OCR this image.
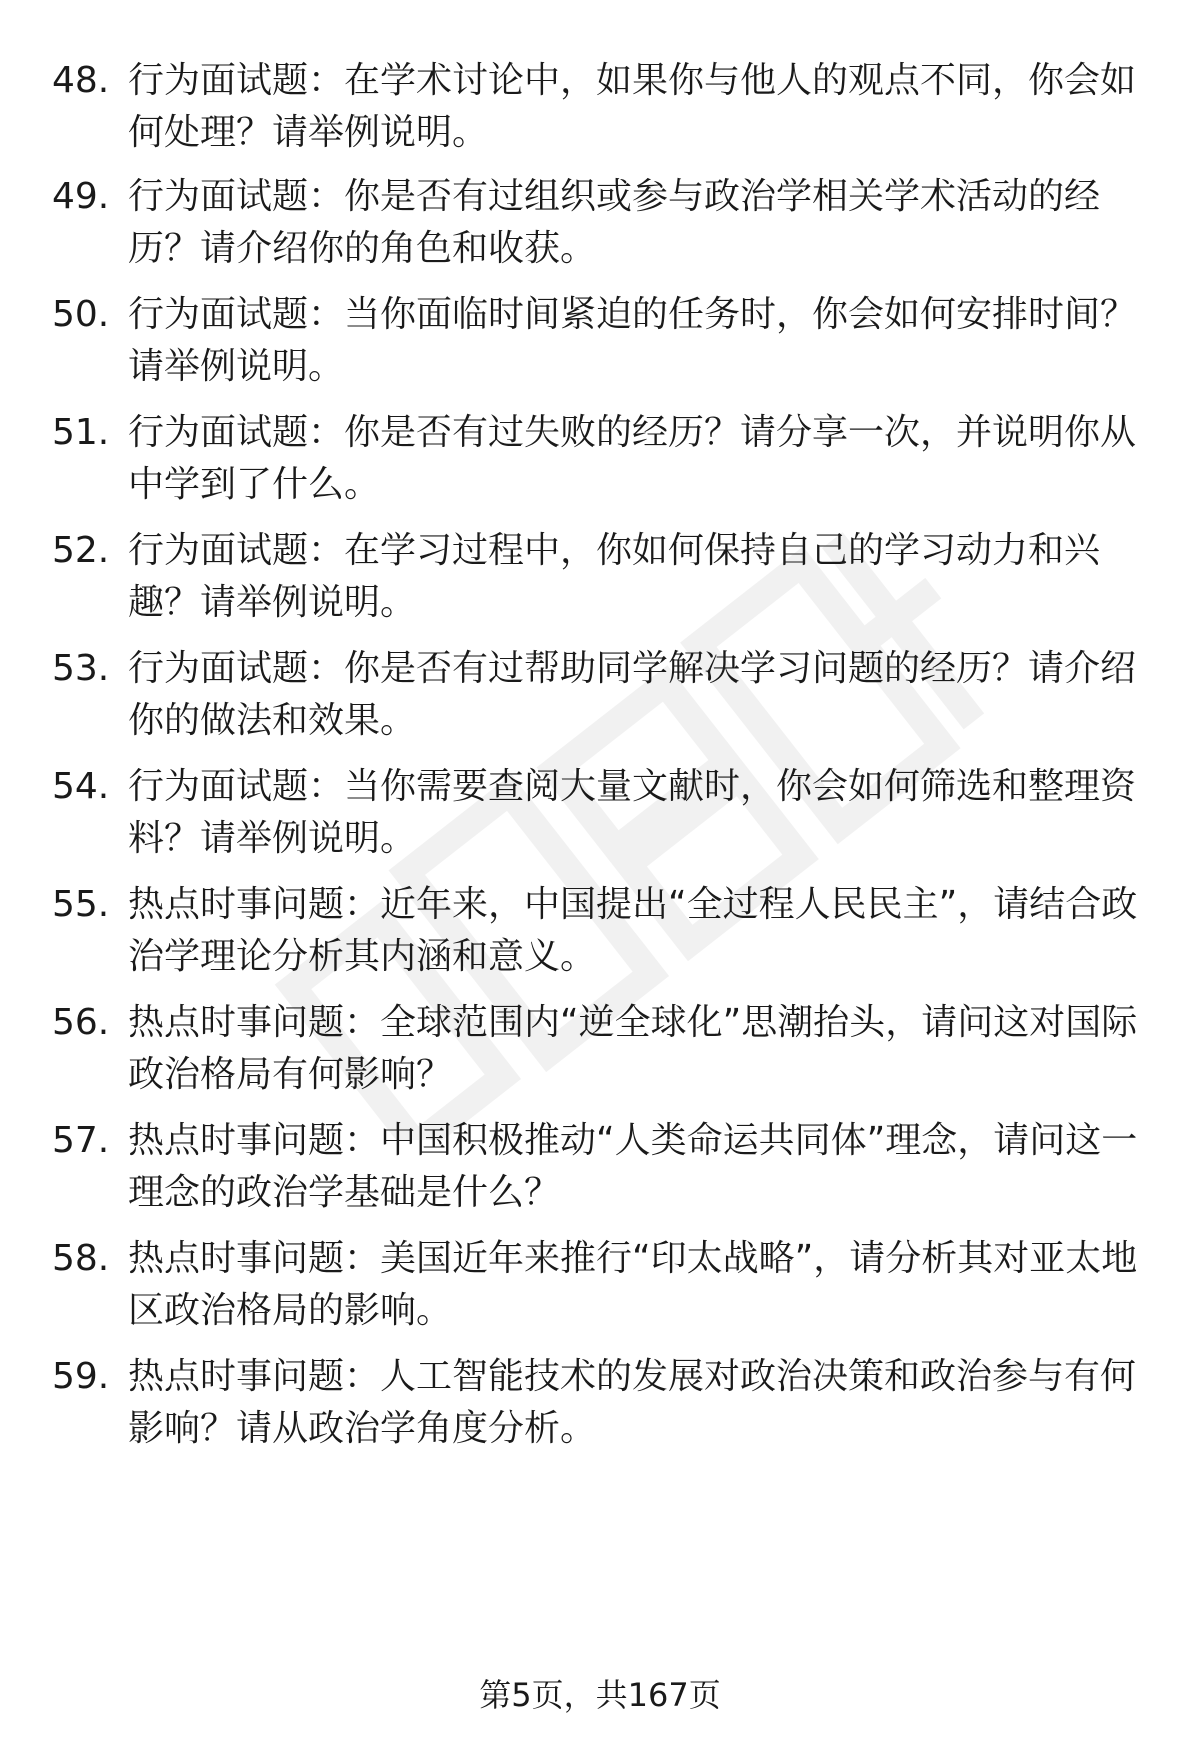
48. 行为面试题：在学术讨论中，如果你与他人的观点不同，你会如何处理？请举例说明。
49. 行为面试题：你是否有过组织或参与政治学相关学术活动的经历？请介绍你的角色和收获。
50. 行为面试题：当你面临时间紧迫的任务时，你会如何安排时间？请举例说明。
51. 行为面试题：你是否有过失败的经历？请分享一次，并说明你从中学到了什么。
52. 行为面试题：在学习过程中，你如何保持自己的学习动力和兴趣？请举例说明。
53. 行为面试题：你是否有过帮助同学解决学习问题的经历？请介绍你的做法和效果。
54. 行为面试题：当你需要查阅大量文献时，你会如何筛选和整理资料？请举例说明。
55. 热点时事问题：近年来，中国提出“全过程人民民主”，请结合政治学理论分析其内涵和意义。
56. 热点时事问题：全球范围内“逆全球化”思潮抬头，请问这对国际政治格局有何影响？
57. 热点时事问题：中国积极推动“人类命运共同体”理念，请问这一理念的政治学基础是什么？
58. 热点时事问题：美国近年来推行“印太战略”，请分析其对亚太地区政治格局的影响。
59. 热点时事问题：人工智能技术的发展对政治决策和政治参与有何影响？请从政治学角度分析。
第5页，共167页
